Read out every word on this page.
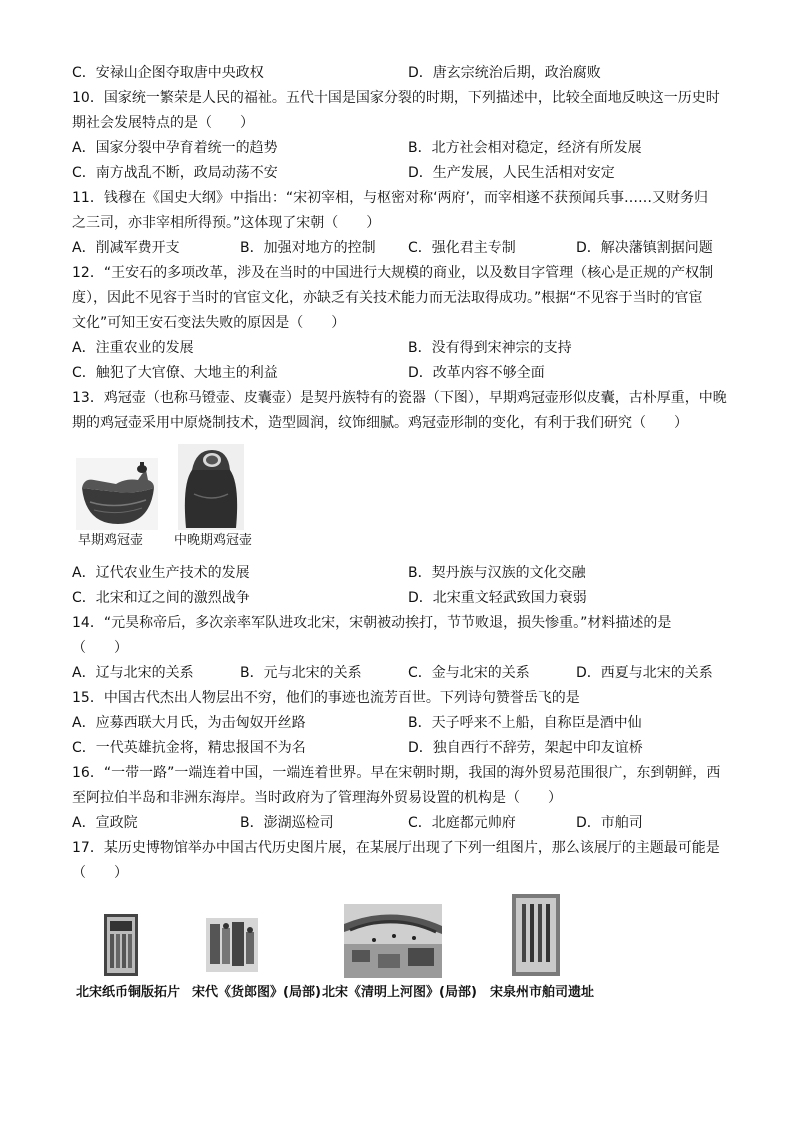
C．安禄山企图夺取唐中央政权	D．唐玄宗统治后期，政治腐败
10．国家统一繁荣是人民的福祉。五代十国是国家分裂的时期，下列描述中，比较全面地反映这一历史时
期社会发展特点的是（　　）
A．国家分裂中孕育着统一的趋势	B．北方社会相对稳定，经济有所发展
C．南方战乱不断，政局动荡不安	D．生产发展，人民生活相对安定
11．钱穆在《国史大纲》中指出：“宋初宰相，与枢密对称‘两府’，而宰相遂不获预闻兵事……又财务归
之三司，亦非宰相所得预。”这体现了宋朝（　　）
A．削减军费开支	B．加强对地方的控制 C．强化君主专制	D．解决藩镇割据问题
12．“王安石的多项改革，涉及在当时的中国进行大规模的商业，以及数目字管理（核心是正规的产权制
度），因此不见容于当时的官宦文化，亦缺乏有关技术能力而无法取得成功。”根据“不见容于当时的官宦
文化”可知王安石变法失败的原因是（　　）
A．注重农业的发展	B．没有得到宋神宗的支持
C．触犯了大官僚、大地主的利益	D．改革内容不够全面
13．鸡冠壶（也称马镫壶、皮囊壶）是契丹族特有的瓷器（下图），早期鸡冠壶形似皮囊，古朴厚重，中晚
期的鸡冠壶采用中原烧制技术，造型圆润，纹饰细腻。鸡冠壶形制的变化，有利于我们研究（　　）
早期鸡冠壶 中晚期鸡冠壶
A．辽代农业生产技术的发展	B．契丹族与汉族的文化交融
C．北宋和辽之间的激烈战争	D．北宋重文轻武致国力衰弱
14．“元昊称帝后，多次亲率军队进攻北宋，宋朝被动挨打，节节败退，损失惨重。”材料描述的是
（　　）
A．辽与北宋的关系	B．元与北宋的关系	C．金与北宋的关系	D．西夏与北宋的关系
15．中国古代杰出人物层出不穷，他们的事迹也流芳百世。下列诗句赞誉岳飞的是
A．应募西联大月氏，为击匈奴开丝路	B．天子呼来不上船，自称臣是酒中仙
C．一代英雄抗金将，精忠报国不为名	D．独自西行不辞劳，架起中印友谊桥
16．“一带一路”一端连着中国，一端连着世界。早在宋朝时期，我国的海外贸易范围很广，东到朝鲜，西
至阿拉伯半岛和非洲东海岸。当时政府为了管理海外贸易设置的机构是（　　）
A．宣政院	B．澎湖巡检司	C．北庭都元帅府	D．市舶司
17．某历史博物馆举办中国古代历史图片展，在某展厅出现了下列一组图片，那么该展厅的主题最可能是
（　　）
北宋纸币铜版拓片 宋代《货郎图》(局部) 北宋《清明上河图》(局部) 宋泉州市舶司遗址
